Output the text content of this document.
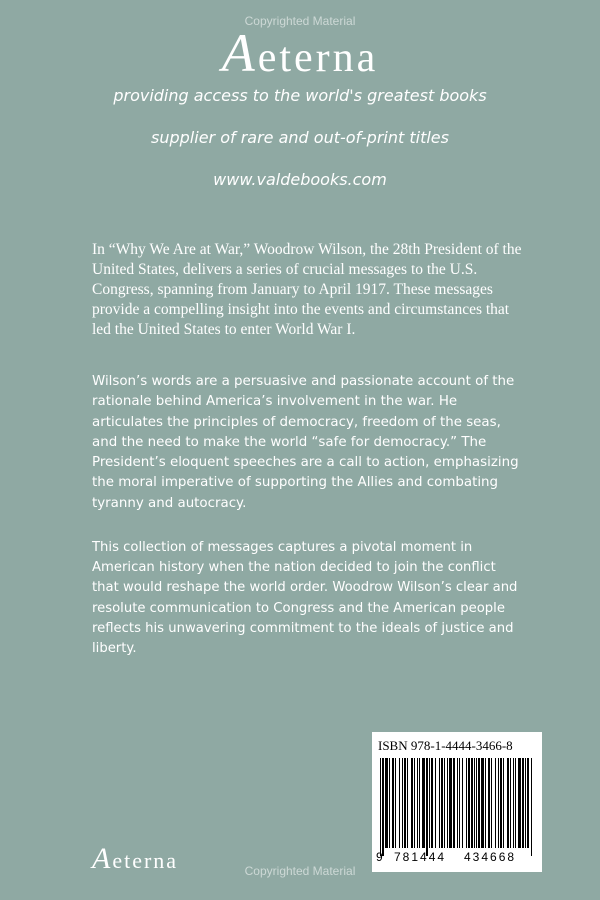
Copyrighted Material
Aeterna
providing access to the world's greatest books
supplier of rare and out-of-print titles
www.valdebooks.com
In “Why We Are at War,” Woodrow Wilson, the 28th President of the United States, delivers a series of crucial messages to the U.S. Congress, spanning from January to April 1917. These messages provide a compelling insight into the events and circumstances that led the United States to enter World War I.
Wilson’s words are a persuasive and passionate account of the rationale behind America’s involvement in the war. He articulates the principles of democracy, freedom of the seas, and the need to make the world “safe for democracy.” The President’s eloquent speeches are a call to action, emphasizing the moral imperative of supporting the Allies and combating tyranny and autocracy.
This collection of messages captures a pivotal moment in American history when the nation decided to join the conflict that would reshape the world order. Woodrow Wilson’s clear and resolute communication to Congress and the American people reflects his unwavering commitment to the ideals of justice and liberty.
ISBN 978-1-4444-3466-8
9 781444 434668
Aeterna	Copyrighted Material
